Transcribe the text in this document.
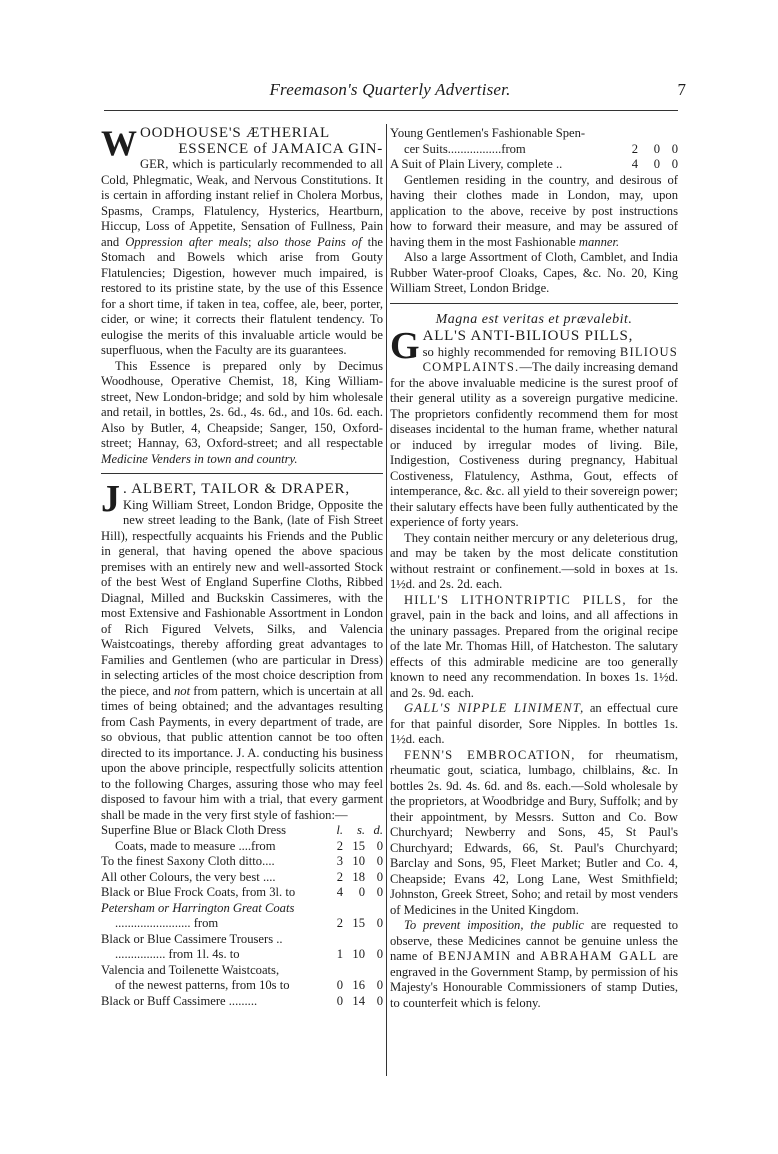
Freemason's Quarterly Advertiser.	7
W OODHOUSE'S ÆTHERIAL

ESSENCE of JAMAICA GIN-

GER, which is particularly recommended to all Cold, Phlegmatic, Weak, and Nervous Constitutions. It is certain in affording instant relief in Cholera Morbus, Spasms, Cramps, Flatulency, Hysterics, Heartburn, Hiccup, Loss of Appetite, Sensation of Fullness, Pain and Oppression after meals; also those Pains of the Stomach and Bowels which arise from Gouty Flatulencies; Digestion, however much impaired, is restored to its pristine state, by the use of this Essence for a short time, if taken in tea, coffee, ale, beer, porter, cider, or wine; it corrects their flatulent tendency. To eulogise the merits of this invaluable article would be superfluous, when the Faculty are its guarantees.

This Essence is prepared only by Decimus Woodhouse, Operative Chemist, 18, King William-street, New London-bridge; and sold by him wholesale and retail, in bottles, 2s. 6d., 4s. 6d., and 10s. 6d. each. Also by Butler, 4, Cheapside; Sanger, 150, Oxford-street; Hannay, 63, Oxford-street; and all respectable Medicine Venders in town and country.

J . ALBERT, TAILOR & DRAPER,

King William Street, London Bridge, Opposite the new street leading to the Bank, (late of Fish Street Hill), respectfully acquaints his Friends and the Public in general, that having opened the above spacious premises with an entirely new and well-assorted Stock of the best West of England Superfine Cloths, Ribbed Diagnal, Milled and Buckskin Cassimeres, with the most Extensive and Fashionable Assortment in London of Rich Figured Velvets, Silks, and Valencia Waistcoatings, thereby affording great advantages to Families and Gentlemen (who are particular in Dress) in selecting articles of the most choice description from the piece, and not from pattern, which is uncertain at all times of being obtained; and the advantages resulting from Cash Payments, in every department of trade, are so obvious, that public attention cannot be too often directed to its importance. J. A. conducting his business upon the above principle, respectfully solicits attention to the following Charges, assuring those who may feel disposed to favour him with a trial, that every garment shall be made in the very first style of fashion:—

Superfine Blue or Black Cloth Dress	l.	s.	d.
Coats, made to measure ....from	2	15	0
To the finest Saxony Cloth ditto....	3	10	0
All other Colours, the very best ....	2	18	0
Black or Blue Frock Coats, from 3l. to	4	0	0
Petersham or Harrington Great Coats			
........................ from	2	15	0
Black or Blue Cassimere Trousers ..			
................ from 1l. 4s. to	1	10	0
Valencia and Toilenette Waistcoats,			
of the newest patterns, from 10s to	0	16	0
Black or Buff Cassimere .........	0	14	0
Young Gentlemen's Fashionable Spen-			
cer Suits.................from	2	0	0
A Suit of Plain Livery, complete ..	4	0	0

Gentlemen residing in the country, and desirous of having their clothes made in London, may, upon application to the above, receive by post instructions how to forward their measure, and may be assured of having them in the most Fashionable manner.

Also a large Assortment of Cloth, Camblet, and India Rubber Water-proof Cloaks, Capes, &c. No. 20, King William Street, London Bridge.

Magna est veritas et prævalebit.

G ALL'S ANTI-BILIOUS PILLS,

so highly recommended for removing BILIOUS COMPLAINTS.—The daily increasing demand for the above invaluable medicine is the surest proof of their general utility as a sovereign purgative medicine. The proprietors confidently recommend them for most diseases incidental to the human frame, whether natural or induced by irregular modes of living. Bile, Indigestion, Costiveness during pregnancy, Habitual Costiveness, Flatulency, Asthma, Gout, effects of intemperance, &c. &c. all yield to their sovereign power; their salutary effects have been fully authenticated by the experience of forty years.

They contain neither mercury or any deleterious drug, and may be taken by the most delicate constitution without restraint or confinement.—sold in boxes at 1s. 1½d. and 2s. 2d. each.

HILL'S LITHONTRIPTIC PILLS, for the gravel, pain in the back and loins, and all affections in the uninary passages. Prepared from the original recipe of the late Mr. Thomas Hill, of Hatcheston. The salutary effects of this admirable medicine are too generally known to need any recommendation. In boxes 1s. 1½d. and 2s. 9d. each.

GALL'S NIPPLE LINIMENT, an effectual cure for that painful disorder, Sore Nipples. In bottles 1s. 1½d. each.

FENN'S EMBROCATION, for rheumatism, rheumatic gout, sciatica, lumbago, chilblains, &c. In bottles 2s. 9d. 4s. 6d. and 8s. each.—Sold wholesale by the proprietors, at Woodbridge and Bury, Suffolk; and by their appointment, by Messrs. Sutton and Co. Bow Churchyard; Newberry and Sons, 45, St Paul's Churchyard; Edwards, 66, St. Paul's Churchyard; Barclay and Sons, 95, Fleet Market; Butler and Co. 4, Cheapside; Evans 42, Long Lane, West Smithfield; Johnston, Greek Street, Soho; and retail by most venders of Medicines in the United Kingdom.

To prevent imposition, the public are requested to observe, these Medicines cannot be genuine unless the name of BENJAMIN and ABRAHAM GALL are engraved in the Government Stamp, by permission of his Majesty's Honourable Commissioners of stamp Duties, to counterfeit which is felony.
